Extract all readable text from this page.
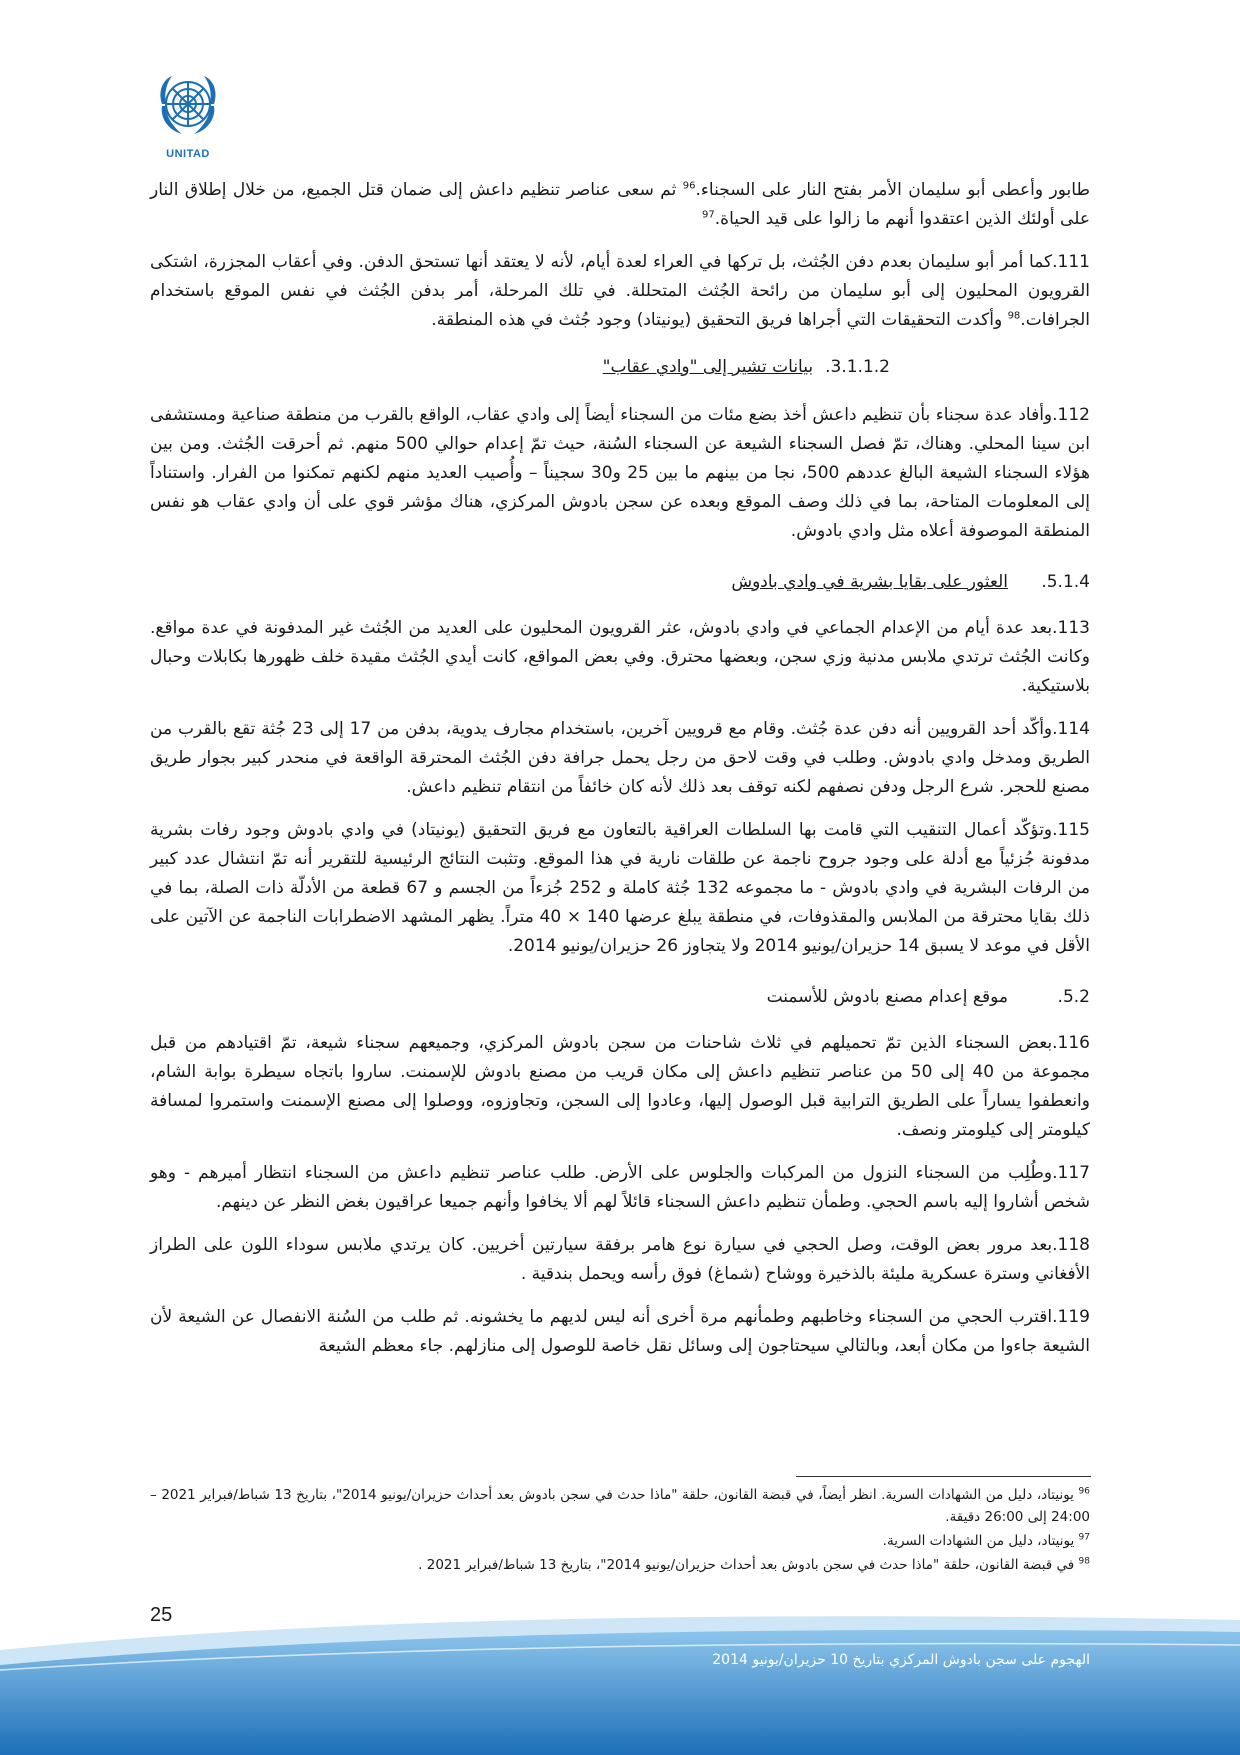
UNITAD

طابور وأعطى أبو سليمان الأمر بفتح النار على السجناء.$^{96}$ ثم سعى عناصر تنظيم داعش إلى ضمان قتل الجميع، من خلال إطلاق النار على أولئك الذين اعتقدوا أنهم ما زالوا على قيد الحياة.$^{97}$

111.كما أمر أبو سليمان بعدم دفن الجُثث، بل تركها في العراء لعدة أيام، لأنه لا يعتقد أنها تستحق الدفن. وفي أعقاب المجزرة، اشتكى القرويون المحليون إلى أبو سليمان من رائحة الجُثث المتحللة. في تلك المرحلة، أمر بدفن الجُثث في نفس الموقع باستخدام الجرافات.$^{98}$ وأكدت التحقيقات التي أجراها فريق التحقيق (يونيتاد) وجود جُثث في هذه المنطقة.

3.1.1.2.بيانات تشير إلى "وادي عقاب"

112.وأفاد عدة سجناء بأن تنظيم داعش أخذ بضع مئات من السجناء أيضاً إلى وادي عقاب، الواقع بالقرب من منطقة صناعية ومستشفى ابن سينا المحلي. وهناك، تمّ فصل السجناء الشيعة عن السجناء السُنة، حيث تمّ إعدام حوالي 500 منهم. ثم أحرقت الجُثث. ومن بين هؤلاء السجناء الشيعة البالغ عددهم 500، نجا من بينهم ما بين 25 و30 سجيناً – وأُصيب العديد منهم لكنهم تمكنوا من الفرار. واستناداً إلى المعلومات المتاحة، بما في ذلك وصف الموقع وبعده عن سجن بادوش المركزي، هناك مؤشر قوي على أن وادي عقاب هو نفس المنطقة الموصوفة أعلاه مثل وادي بادوش.

5.1.4.
العثور على بقايا بشرية في وادي بادوش

113.بعد عدة أيام من الإعدام الجماعي في وادي بادوش، عثر القرويون المحليون على العديد من الجُثث غير المدفونة في عدة مواقع. وكانت الجُثث ترتدي ملابس مدنية وزي سجن، وبعضها محترق. وفي بعض المواقع، كانت أيدي الجُثث مقيدة خلف ظهورها بكابلات وحبال بلاستيكية.

114.وأكّد أحد القرويين أنه دفن عدة جُثث. وقام مع قرويين آخرين، باستخدام مجارف يدوية، بدفن من 17 إلى 23 جُثة تقع بالقرب من الطريق ومدخل وادي بادوش. وطلب في وقت لاحق من رجل يحمل جرافة دفن الجُثث المحترقة الواقعة في منحدر كبير بجوار طريق مصنع للحجر. شرع الرجل ودفن نصفهم لكنه توقف بعد ذلك لأنه كان خائفاً من انتقام تنظيم داعش.

115.وتؤكّد أعمال التنقيب التي قامت بها السلطات العراقية بالتعاون مع فريق التحقيق (يونيتاد) في وادي بادوش وجود رفات بشرية مدفونة جُزئياً مع أدلة على وجود جروح ناجمة عن طلقات نارية في هذا الموقع. وتثبت النتائج الرئيسية للتقرير أنه تمّ انتشال عدد كبير من الرفات البشرية في وادي بادوش - ما مجموعه 132 جُثة كاملة و 252 جُزءاً من الجسم و 67 قطعة من الأدلّة ذات الصلة، بما في ذلك بقايا محترقة من الملابس والمقذوفات، في منطقة يبلغ عرضها 140 × 40 متراً. يظهر المشهد الاضطرابات الناجمة عن الآتين على الأقل في موعد لا يسبق 14 حزيران/يونيو 2014 ولا يتجاوز 26 حزيران/يونيو 2014.

5.2.
موقع إعدام مصنع بادوش للأسمنت

116.بعض السجناء الذين تمّ تحميلهم في ثلاث شاحنات من سجن بادوش المركزي، وجميعهم سجناء شيعة، تمّ اقتيادهم من قبل مجموعة من 40 إلى 50 من عناصر تنظيم داعش إلى مكان قريب من مصنع بادوش للإسمنت. ساروا باتجاه سيطرة بوابة الشام، وانعطفوا يساراً على الطريق الترابية قبل الوصول إليها، وعادوا إلى السجن، وتجاوزوه، ووصلوا إلى مصنع الإسمنت واستمروا لمسافة كيلومتر إلى كيلومتر ونصف.

117.وطُلِب من السجناء النزول من المركبات والجلوس على الأرض. طلب عناصر تنظيم داعش من السجناء انتظار أميرهم - وهو شخص أشاروا إليه باسم الحجي. وطمأن تنظيم داعش السجناء قائلاً لهم ألا يخافوا وأنهم جميعا عراقيون بغض النظر عن دينهم.

118.بعد مرور بعض الوقت، وصل الحجي في سيارة نوع هامر برفقة سيارتين أخريين. كان يرتدي ملابس سوداء اللون على الطراز الأفغاني وسترة عسكرية مليئة بالذخيرة ووشاح (شماغ) فوق رأسه ويحمل بندقية .

119.اقترب الحجي من السجناء وخاطبهم وطمأنهم مرة أخرى أنه ليس لديهم ما يخشونه. ثم طلب من السُنة الانفصال عن الشيعة لأن الشيعة جاءوا من مكان أبعد، وبالتالي سيحتاجون إلى وسائل نقل خاصة للوصول إلى منازلهم. جاء معظم الشيعة

$^{96}$ يونيتاد، دليل من الشهادات السرية. انظر أيضاً، في قبضة القانون، حلقة "ماذا حدث في سجن بادوش بعد أحداث حزيران/يونيو 2014"، بتاريخ 13 شباط/فبراير 2021 – 24:00 إلى 26:00 دقيقة.

$^{97}$ يونيتاد، دليل من الشهادات السرية.

$^{98}$ في قبضة القانون، حلقة "ماذا حدث في سجن بادوش بعد أحداث حزيران/يونيو 2014"، بتاريخ 13 شباط/فبراير 2021 .

25
الهجوم على سجن بادوش المركزي بتاريخ 10 حزيران/يونيو 2014
